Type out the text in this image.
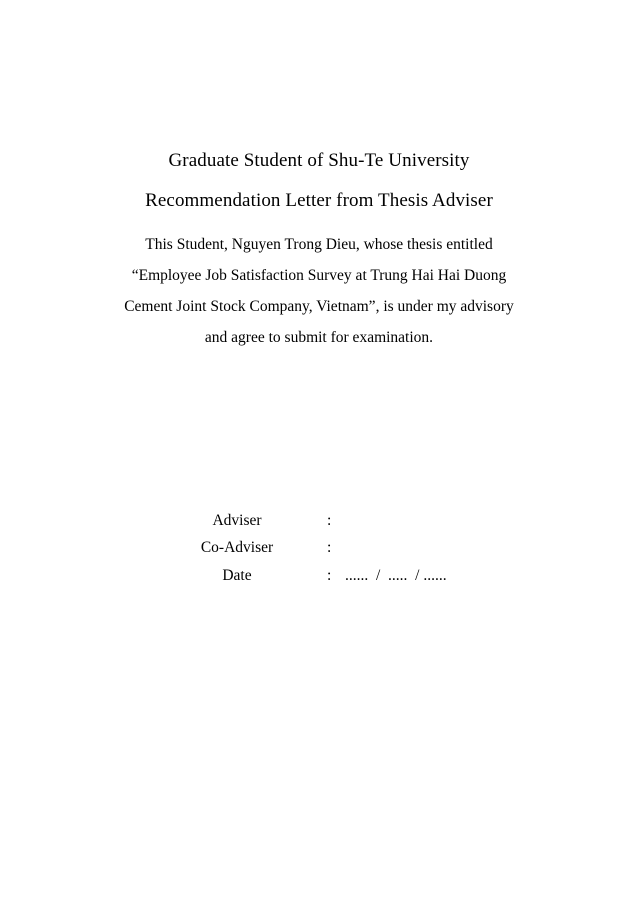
Graduate Student of Shu-Te University

Recommendation Letter from Thesis Adviser

This Student, Nguyen Trong Dieu, whose thesis entitled

“Employee Job Satisfaction Survey at Trung Hai Hai Duong

Cement Joint Stock Company, Vietnam”, is under my advisory

and agree to submit for examination.

Adviser	:
Co-Adviser	:
Date	: ......  /  .....  / ......
